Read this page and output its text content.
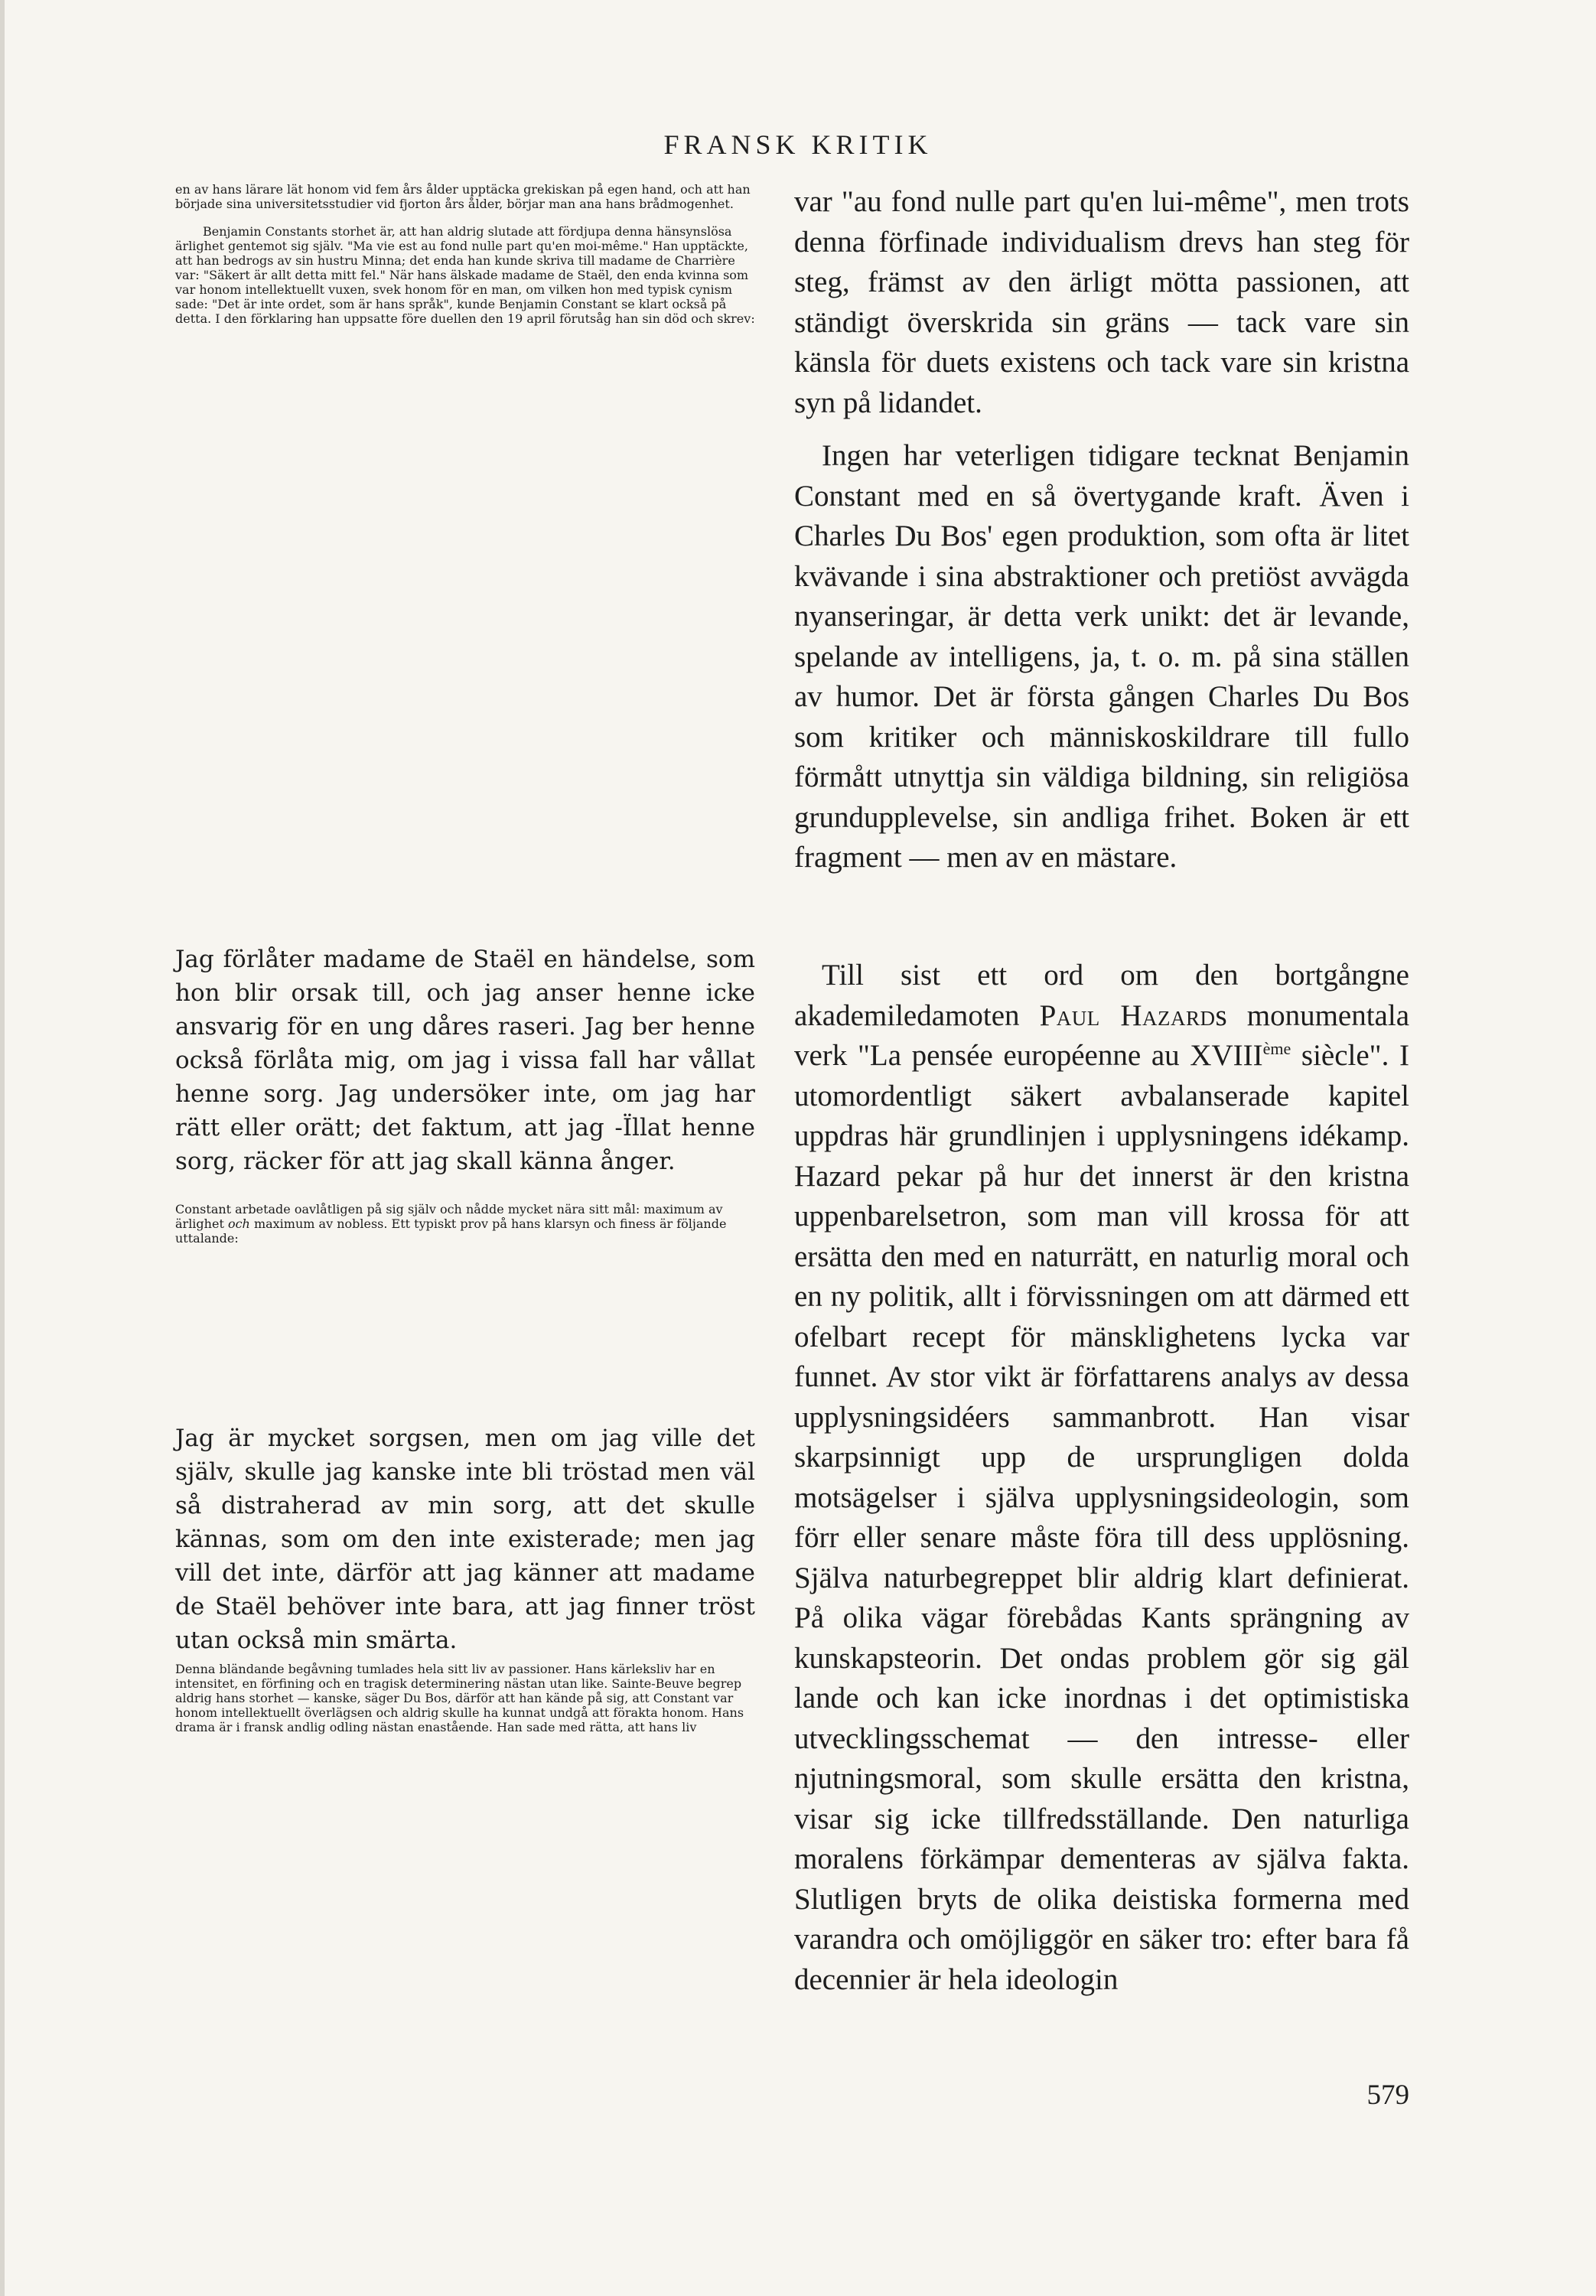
FRANSK KRITIK

en av hans lärare lät honom vid fem års ålder upptäcka grekiskan på egen hand, och att han började sina universitetsstudier vid fjorton års ålder, börjar man ana hans brådmogenhet.

Benjamin Constants storhet är, att han aldrig slutade att fördjupa denna hänsynslösa ärlighet gentemot sig själv. "Ma vie est au fond nulle part qu'en moi-même." Han upptäckte, att han bedrogs av sin hustru Minna; det enda han kunde skriva till madame de Charrière var: "Säkert är allt detta mitt fel." När hans älskade madame de Staël, den enda kvinna som var honom intellektuellt vuxen, svek honom för en man, om vilken hon med typisk cynism sade: "Det är inte ordet, som är hans språk", kunde Benjamin Constant se klart också på detta. I den förklaring han uppsatte före duellen den 19 april förutsåg han sin död och skrev:

Jag förlåter madame de Staël en händelse, som hon blir orsak till, och jag anser henne icke ansvarig för en ung dåres raseri. Jag ber henne också förlåta mig, om jag i vissa fall har vållat henne sorg. Jag undersöker inte, om jag har rätt eller orätt; det faktum, att jag -Ïllat henne sorg, räcker för att jag skall känna ånger.

Constant arbetade oavlåtligen på sig själv och nådde mycket nära sitt mål: maximum av ärlighet och maximum av nobless. Ett typiskt prov på hans klarsyn och finess är följande uttalande:

Jag är mycket sorgsen, men om jag ville det själv, skulle jag kanske inte bli tröstad men väl så distraherad av min sorg, att det skulle kännas, som om den inte existerade; men jag vill det inte, därför att jag känner att madame de Staël behöver inte bara, att jag finner tröst utan också min smärta.

Denna bländande begåvning tumlades hela sitt liv av passioner. Hans kärleksliv har en intensitet, en förfining och en tragisk determinering nästan utan like. Sainte-Beuve begrep aldrig hans storhet — kanske, säger Du Bos, därför att han kände på sig, att Constant var honom intellektuellt överlägsen och aldrig skulle ha kunnat undgå att förakta honom. Hans drama är i fransk andlig odling nästan enastående. Han sade med rätta, att hans liv

var "au fond nulle part qu'en lui-même", men trots denna förfinade individualism drevs han steg för steg, främst av den ärligt mötta passionen, att ständigt överskrida sin gräns — tack vare sin känsla för duets existens och tack vare sin kristna syn på lidandet.

Ingen har veterligen tidigare tecknat Benjamin Constant med en så övertygande kraft. Även i Charles Du Bos' egen produktion, som ofta är litet kvävande i sina abstraktioner och pretiöst avvägda nyanseringar, är detta verk unikt: det är levande, spelande av intelligens, ja, t. o. m. på sina ställen av humor. Det är första gången Charles Du Bos som kritiker och människoskildrare till fullo förmått utnyttja sin väldiga bildning, sin religiösa grundupplevelse, sin andliga frihet. Boken är ett fragment — men av en mästare.

Till sist ett ord om den bortgångne akademiledamoten Paul Hazards monumentala verk "La pensée européenne au XVIIIème siècle". I utomordentligt säkert avbalanserade kapitel uppdras här grundlinjen i upplysningens idékamp. Hazard pekar på hur det innerst är den kristna uppenbarelsetron, som man vill krossa för att ersätta den med en naturrätt, en naturlig moral och en ny politik, allt i förvissningen om att därmed ett ofelbart recept för mänsklighetens lycka var funnet. Av stor vikt är författarens analys av dessa upplysningsidéers sammanbrott. Han visar skarpsinnigt upp de ursprungligen dolda motsägelser i själva upplysningsideologin, som förr eller senare måste föra till dess upplösning. Själva naturbegreppet blir aldrig klart definierat. På olika vägar förebådas Kants sprängning av kunskapsteorin. Det ondas problem gör sig gäl lande och kan icke inordnas i det optimistiska utvecklingsschemat — den intresse- eller njutningsmoral, som skulle ersätta den kristna, visar sig icke tillfredsställande. Den naturliga moralens förkämpar dementeras av själva fakta. Slutligen bryts de olika deistiska formerna med varandra och omöjliggör en säker tro: efter bara få decennier är hela ideologin

579
